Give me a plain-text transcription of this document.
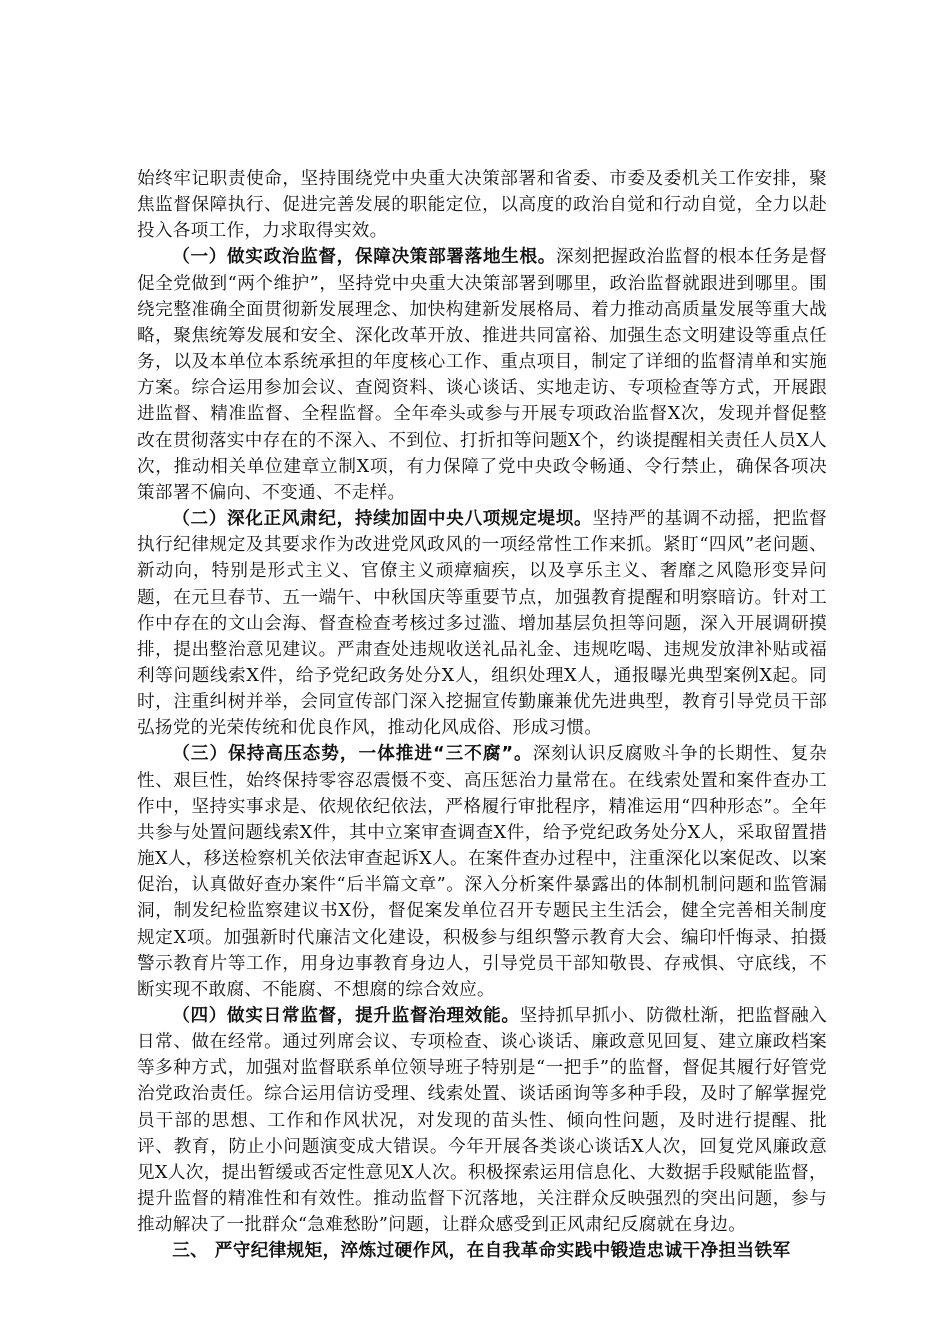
始终牢记职责使命，坚持围绕党中央重大决策部署和省委、市委及委机关工作安排，聚焦监督保障执行、促进完善发展的职能定位，以高度的政治自觉和行动自觉，全力以赴投入各项工作，力求取得实效。

（一）做实政治监督，保障决策部署落地生根。深刻把握政治监督的根本任务是督促全党做到“两个维护”，坚持党中央重大决策部署到哪里，政治监督就跟进到哪里。围绕完整准确全面贯彻新发展理念、加快构建新发展格局、着力推动高质量发展等重大战略，聚焦统筹发展和安全、深化改革开放、推进共同富裕、加强生态文明建设等重点任务，以及本单位本系统承担的年度核心工作、重点项目，制定了详细的监督清单和实施方案。综合运用参加会议、查阅资料、谈心谈话、实地走访、专项检查等方式，开展跟进监督、精准监督、全程监督。全年牵头或参与开展专项政治监督X次，发现并督促整改在贯彻落实中存在的不深入、不到位、打折扣等问题X个，约谈提醒相关责任人员X人次，推动相关单位建章立制X项，有力保障了党中央政令畅通、令行禁止，确保各项决策部署不偏向、不变通、不走样。

（二）深化正风肃纪，持续加固中央八项规定堤坝。坚持严的基调不动摇，把监督执行纪律规定及其要求作为改进党风政风的一项经常性工作来抓。紧盯“四风”老问题、新动向，特别是形式主义、官僚主义顽瘴痼疾，以及享乐主义、奢靡之风隐形变异问题，在元旦春节、五一端午、中秋国庆等重要节点，加强教育提醒和明察暗访。针对工作中存在的文山会海、督查检查考核过多过滥、增加基层负担等问题，深入开展调研摸排，提出整治意见建议。严肃查处违规收送礼品礼金、违规吃喝、违规发放津补贴或福利等问题线索X件，给予党纪政务处分X人，组织处理X人，通报曝光典型案例X起。同时，注重纠树并举，会同宣传部门深入挖掘宣传勤廉兼优先进典型，教育引导党员干部弘扬党的光荣传统和优良作风，推动化风成俗、形成习惯。

（三）保持高压态势，一体推进“三不腐”。深刻认识反腐败斗争的长期性、复杂性、艰巨性，始终保持零容忍震慑不变、高压惩治力量常在。在线索处置和案件查办工作中，坚持实事求是、依规依纪依法，严格履行审批程序，精准运用“四种形态”。全年共参与处置问题线索X件，其中立案审查调查X件，给予党纪政务处分X人，采取留置措施X人，移送检察机关依法审查起诉X人。在案件查办过程中，注重深化以案促改、以案促治，认真做好查办案件“后半篇文章”。深入分析案件暴露出的体制机制问题和监管漏洞，制发纪检监察建议书X份，督促案发单位召开专题民主生活会，健全完善相关制度规定X项。加强新时代廉洁文化建设，积极参与组织警示教育大会、编印忏悔录、拍摄警示教育片等工作，用身边事教育身边人，引导党员干部知敬畏、存戒惧、守底线，不断实现不敢腐、不能腐、不想腐的综合效应。

（四）做实日常监督，提升监督治理效能。坚持抓早抓小、防微杜渐，把监督融入日常、做在经常。通过列席会议、专项检查、谈心谈话、廉政意见回复、建立廉政档案等多种方式，加强对监督联系单位领导班子特别是“一把手”的监督，督促其履行好管党治党政治责任。综合运用信访受理、线索处置、谈话函询等多种手段，及时了解掌握党员干部的思想、工作和作风状况，对发现的苗头性、倾向性问题，及时进行提醒、批评、教育，防止小问题演变成大错误。今年开展各类谈心谈话X人次，回复党风廉政意见X人次，提出暂缓或否定性意见X人次。积极探索运用信息化、大数据手段赋能监督，提升监督的精准性和有效性。推动监督下沉落地，关注群众反映强烈的突出问题，参与推动解决了一批群众“急难愁盼”问题，让群众感受到正风肃纪反腐就在身边。

三、 严守纪律规矩，淬炼过硬作风，在自我革命实践中锻造忠诚干净担当铁军
